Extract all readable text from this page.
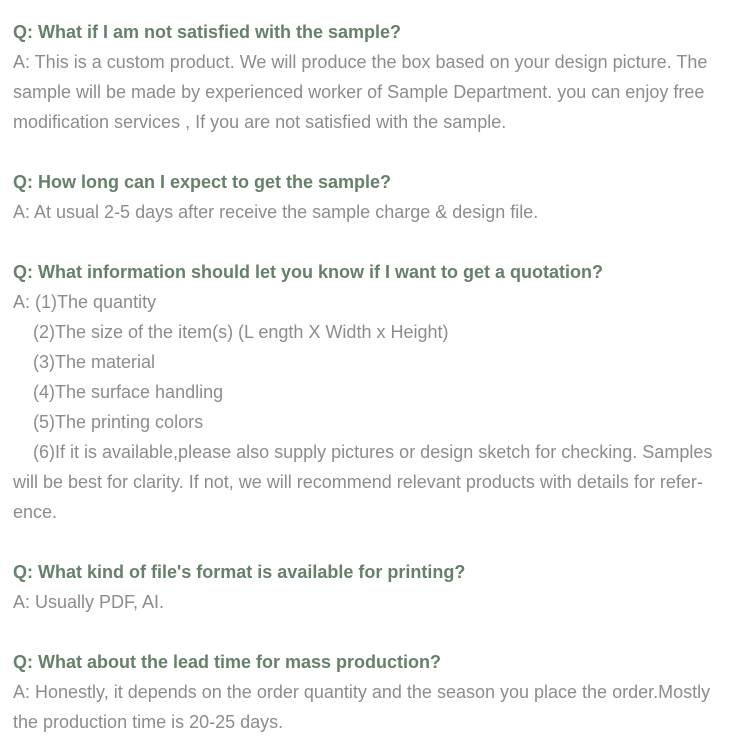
Q: What if I am not satisfied with the sample?
A: This is a custom product. We will produce the box based on your design picture. The
sample will be made by experienced worker of Sample Department. you can enjoy free
modification services , If you are not satisfied with the sample.
Q: How long can I expect to get the sample?
A: At usual 2-5 days after receive the sample charge & design file.
Q: What information should let you know if I want to get a quotation?
A: (1)The quantity
(2)The size of the item(s) (L ength X Width x Height)
(3)The material
(4)The surface handling
(5)The printing colors
(6)If it is available,please also supply pictures or design sketch for checking. Samples
will be best for clarity. If not, we will recommend relevant products with details for refer-
ence.
Q: What kind of file's format is available for printing?
A: Usually PDF, AI.
Q: What about the lead time for mass production?
A: Honestly, it depends on the order quantity and the season you place the order.Mostly
the production time is 20-25 days.
